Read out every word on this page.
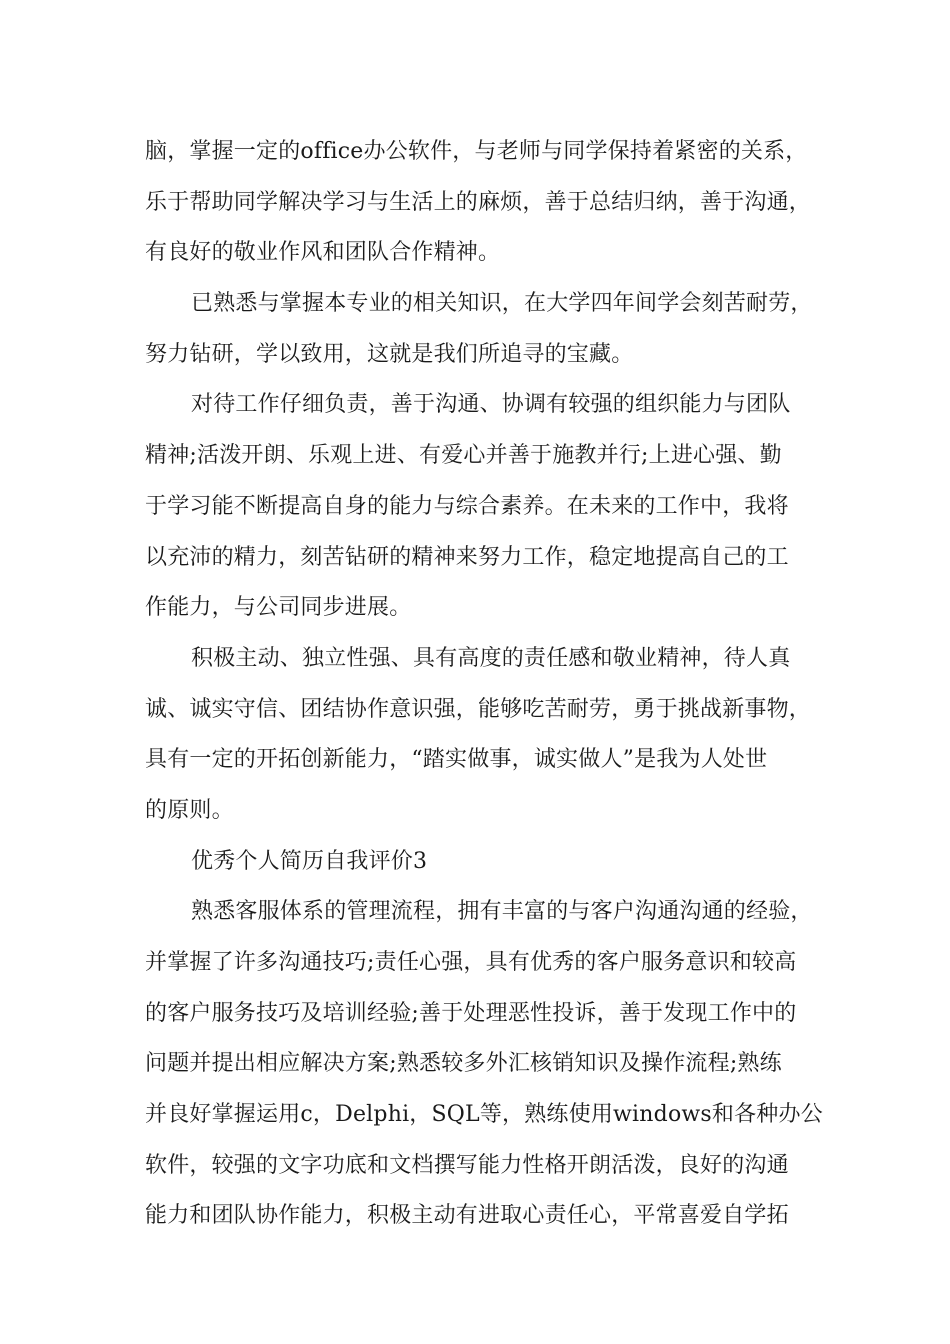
脑，掌握一定的office办公软件，与老师与同学保持着紧密的关系，
乐于帮助同学解决学习与生活上的麻烦，善于总结归纳，善于沟通，
有良好的敬业作风和团队合作精神。
已熟悉与掌握本专业的相关知识，在大学四年间学会刻苦耐劳，
努力钻研，学以致用，这就是我们所追寻的宝藏。
对待工作仔细负责，善于沟通、协调有较强的组织能力与团队
精神;活泼开朗、乐观上进、有爱心并善于施教并行;上进心强、勤
于学习能不断提高自身的能力与综合素养。在未来的工作中，我将
以充沛的精力，刻苦钻研的精神来努力工作，稳定地提高自己的工
作能力，与公司同步进展。
积极主动、独立性强、具有高度的责任感和敬业精神，待人真
诚、诚实守信、团结协作意识强，能够吃苦耐劳，勇于挑战新事物，
具有一定的开拓创新能力，“踏实做事，诚实做人”是我为人处世
的原则。
优秀个人简历自我评价3
熟悉客服体系的管理流程，拥有丰富的与客户沟通沟通的经验，
并掌握了许多沟通技巧;责任心强，具有优秀的客户服务意识和较高
的客户服务技巧及培训经验;善于处理恶性投诉，善于发现工作中的
问题并提出相应解决方案;熟悉较多外汇核销知识及操作流程;熟练
并良好掌握运用c，Delphi，SQL等，熟练使用windows和各种办公
软件，较强的文字功底和文档撰写能力性格开朗活泼，良好的沟通
能力和团队协作能力，积极主动有进取心责任心，平常喜爱自学拓
